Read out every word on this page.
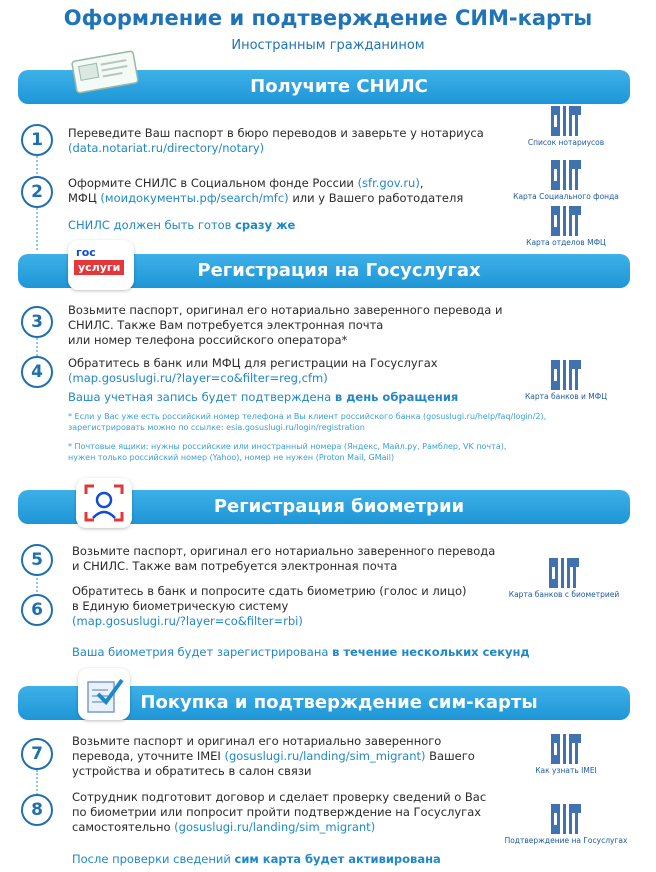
Оформление и подтверждение СИМ-карты
Иностранным гражданином
Получите СНИЛС
1	Переведите Ваш паспорт в бюро переводов и заверьте у нотариуса
(data.notariat.ru/directory/notary)
2	Оформите СНИЛС в Социальном фонде России (sfr.gov.ru),
МФЦ (моидокументы.рф/search/mfc) или у Вашего работодателя
СНИЛС должен быть готов сразу же
Список нотариусов
Карта Социального фонда
Карта отделов МФЦ
Регистрация на Госуслугах
гос
услуги
3
Возьмите паспорт, оригинал его нотариально заверенного перевода и
СНИЛС. Также Вам потребуется электронная почта
или номер телефона российского оператора*
4	Обратитесь в банк или МФЦ для регистрации на Госуслугах
(map.gosuslugi.ru/?layer=co&filter=reg,cfm)
Ваша учетная запись будет подтверждена в день обращения
* Если у Вас уже есть российский номер телефона и Вы клиент российского банка (gosuslugi.ru/help/faq/login/2),
зарегистрировать можно по ссылке: esia.gosuslugi.ru/login/registration
* Почтовые ящики: нужны российские или иностранный номера (Яндекс, Майл.ру, Рамблер, VK почта),
нужен только российский номер (Yahoo), номер не нужен (Proton Mail, GMail)
Карта банков и МФЦ
Регистрация биометрии
5	Возьмите паспорт, оригинал его нотариально заверенного перевода
и СНИЛС. Также вам потребуется электронная почта
6
Обратитесь в банк и попросите сдать биометрию (голос и лицо)
в Единую биометрическую систему
(map.gosuslugi.ru/?layer=co&filter=rbi)
Ваша биометрия будет зарегистрирована в течение нескольких секунд
Карта банков с биометрией
Покупка и подтверждение сим-карты
7
Возьмите паспорт и оригинал его нотариально заверенного
перевода, уточните IMEI (gosuslugi.ru/landing/sim_migrant) Вашего
устройства и обратитесь в салон связи
8
Сотрудник подготовит договор и сделает проверку сведений о Вас
по биометрии или попросит пройти подтверждение на Госуслугах
самостоятельно (gosuslugi.ru/landing/sim_migrant)
После проверки сведений сим карта будет активирована
Как узнать IMEI
Подтверждение на Госуслугах
